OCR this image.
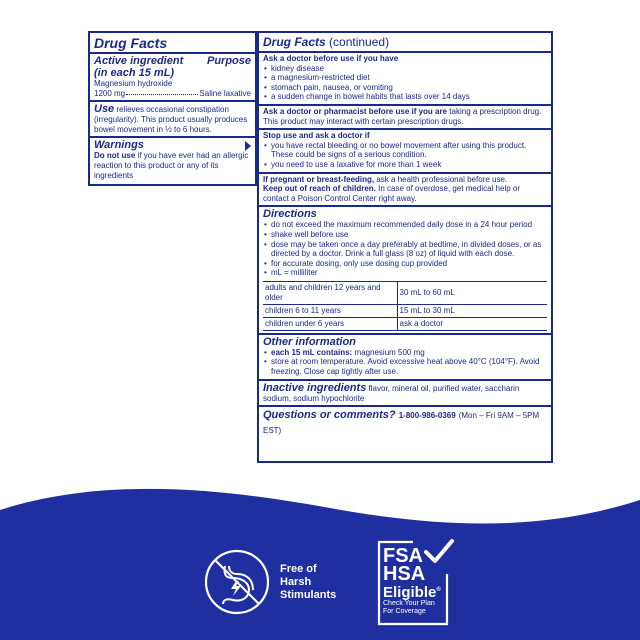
Drug Facts
Active ingredient Purpose
(in each 15 mL)
Magnesium hydroxide
1200 mg	Saline laxative
Use relieves occasional constipation (irregularity). This product usually produces bowel movement in ½ to 6 hours.
Warnings
Do not use if you have ever had an allergic reaction to this product or any of its ingredients
Drug Facts (continued)
Ask a doctor before use if you have
• kidney disease
• a magnesium-restricted diet
• stomach pain, nausea, or vomiting
• a sudden change in bowel habits that lasts over 14 days
Ask a doctor or pharmacist before use if you are taking a prescription drug. This product may interact with certain prescription drugs.
Stop use and ask a doctor if
• you have rectal bleeding or no bowel movement after using this product. These could be signs of a serious condition.
• you need to use a laxative for more than 1 week
If pregnant or breast-feeding, ask a health professional before use.
Keep out of reach of children. In case of overdose, get medical help or contact a Poison Control Center right away.
Directions
• do not exceed the maximum recommended daily dose in a 24 hour period
• shake well before use
• dose may be taken once a day preferably at bedtime, in divided doses, or as directed by a doctor. Drink a full glass (8 oz) of liquid with each dose.
• for accurate dosing, only use dosing cup provided
• mL = milliliter
adults and children 12 years and older	30 mL to 60 mL
children 6 to 11 years	15 mL to 30 mL
children under 6 years	ask a doctor
Other information
• each 15 mL contains: magnesium 500 mg
• store at room temperature. Avoid excessive heat above 40°C (104°F). Avoid freezing. Close cap tightly after use.
Inactive ingredients flavor, mineral oil, purified water, saccharin sodium, sodium hypochlorite
Questions or comments? 1-800-986-0369 (Mon – Fri 9AM – 5PM EST)
Free of
Harsh
Stimulants
FSA
HSA
Eligible®
Check Your Plan
For Coverage
